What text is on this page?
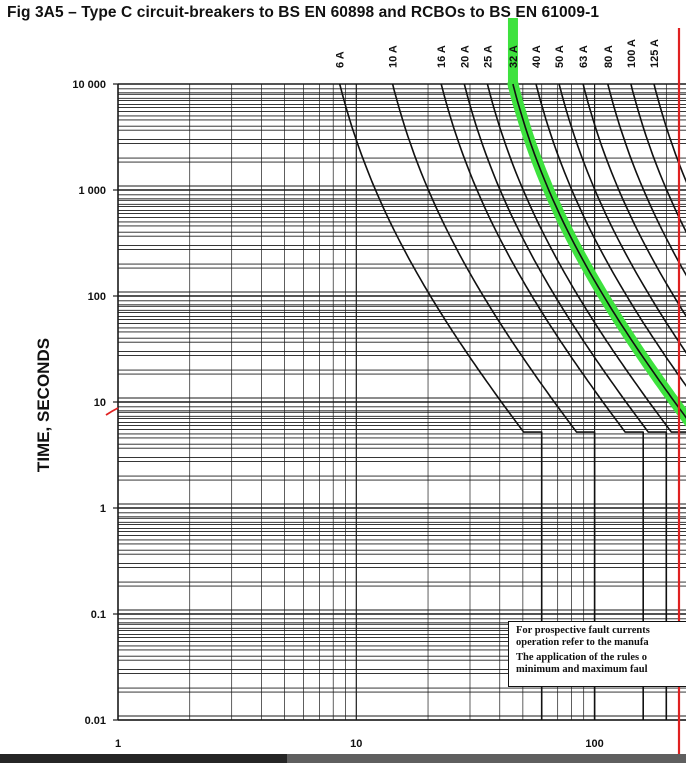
Fig 3A5 – Type C circuit-breakers to BS EN 60898 and RCBOs to BS EN 61009-1
TIME, SECONDS
0.01
0.1
1
10
100
1 000
10 000
1	10	100
6 A	10 A	16 A 20 A 25 A 32 A 40 A 50 A 63 A 80 A 100 A 125 A
For prospective fault currents
operation refer to the manufa
The application of the rules o
minimum and maximum faul
